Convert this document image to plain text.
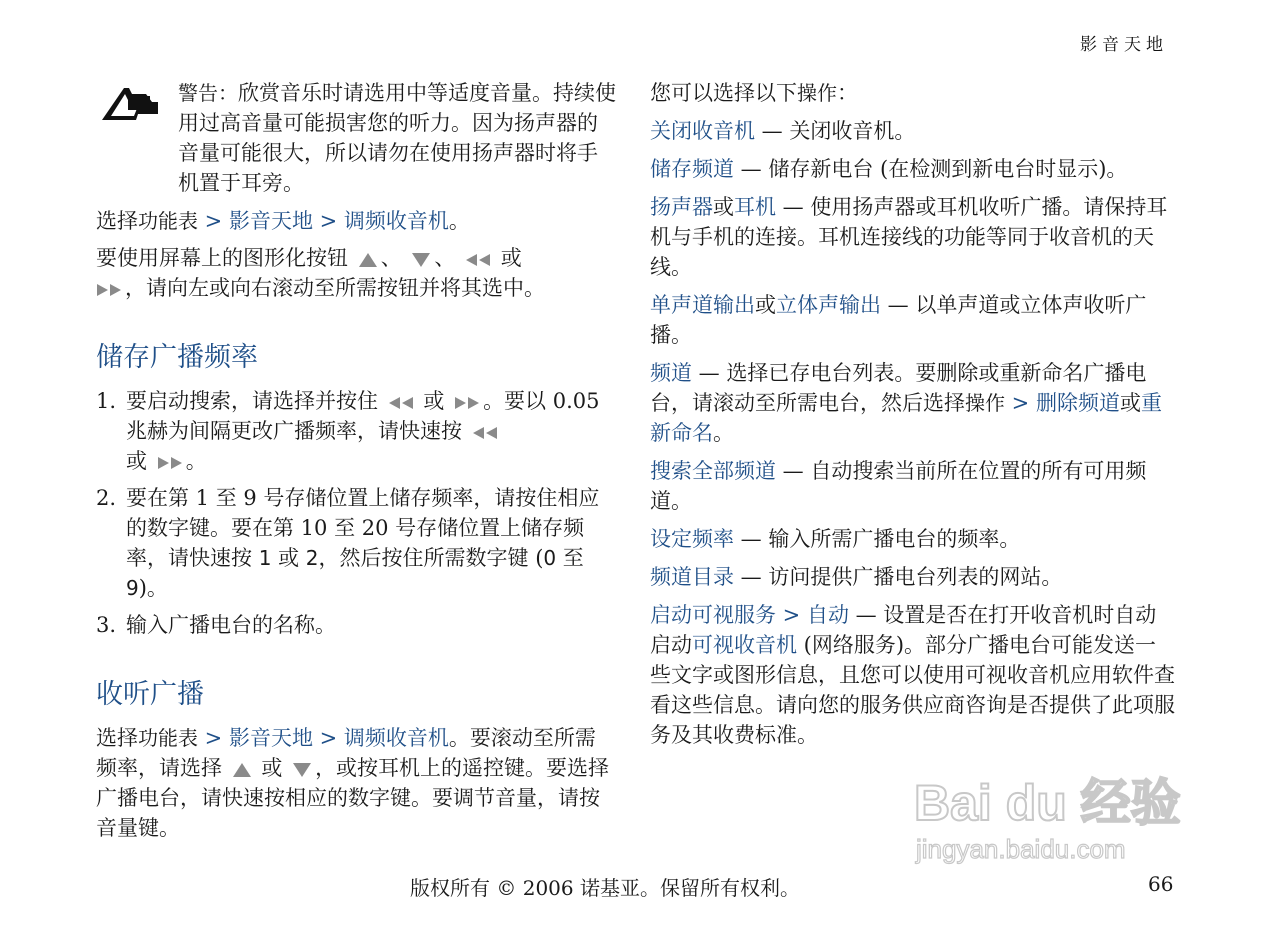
影音天地

警告：欣赏音乐时请选用中等适度音量。持续使用过高音量可能损害您的听力。因为扬声器的音量可能很大，所以请勿在使用扬声器时将手机置于耳旁。

选择功能表 > 影音天地 > 调频收音机。

要使用屏幕上的图形化按钮 、 、 或
，请向左或向右滚动至所需按钮并将其选中。

储存广播频率
1. 要启动搜索，请选择并按住 或 。要以 0.05 兆赫为间隔更改广播频率，请快速按
或 。
2. 要在第 1 至 9 号存储位置上储存频率，请按住相应的数字键。要在第 10 至 20 号存储位置上储存频率，请快速按 1 或 2，然后按住所需数字键 (0 至 9)。
3. 输入广播电台的名称。
收听广播

选择功能表 > 影音天地 > 调频收音机。要滚动至所需频率，请选择 或 ，或按耳机上的遥控键。要选择广播电台，请快速按相应的数字键。要调节音量，请按音量键。

您可以选择以下操作：

关闭收音机 — 关闭收音机。

储存频道 — 储存新电台 (在检测到新电台时显示)。

扬声器或耳机 — 使用扬声器或耳机收听广播。请保持耳机与手机的连接。耳机连接线的功能等同于收音机的天线。

单声道输出或立体声输出 — 以单声道或立体声收听广播。

频道 — 选择已存电台列表。要删除或重新命名广播电台，请滚动至所需电台，然后选择操作 > 删除频道或重新命名。

搜索全部频道 — 自动搜索当前所在位置的所有可用频道。

设定频率 — 输入所需广播电台的频率。

频道目录 — 访问提供广播电台列表的网站。

启动可视服务 > 自动 — 设置是否在打开收音机时自动启动可视收音机 (网络服务)。部分广播电台可能发送一些文字或图形信息，且您可以使用可视收音机应用软件查看这些信息。请向您的服务供应商咨询是否提供了此项服务及其收费标准。

Bai du 经验
jingyan.baidu.com
版权所有 © 2006 诺基亚。保留所有权利。	66
